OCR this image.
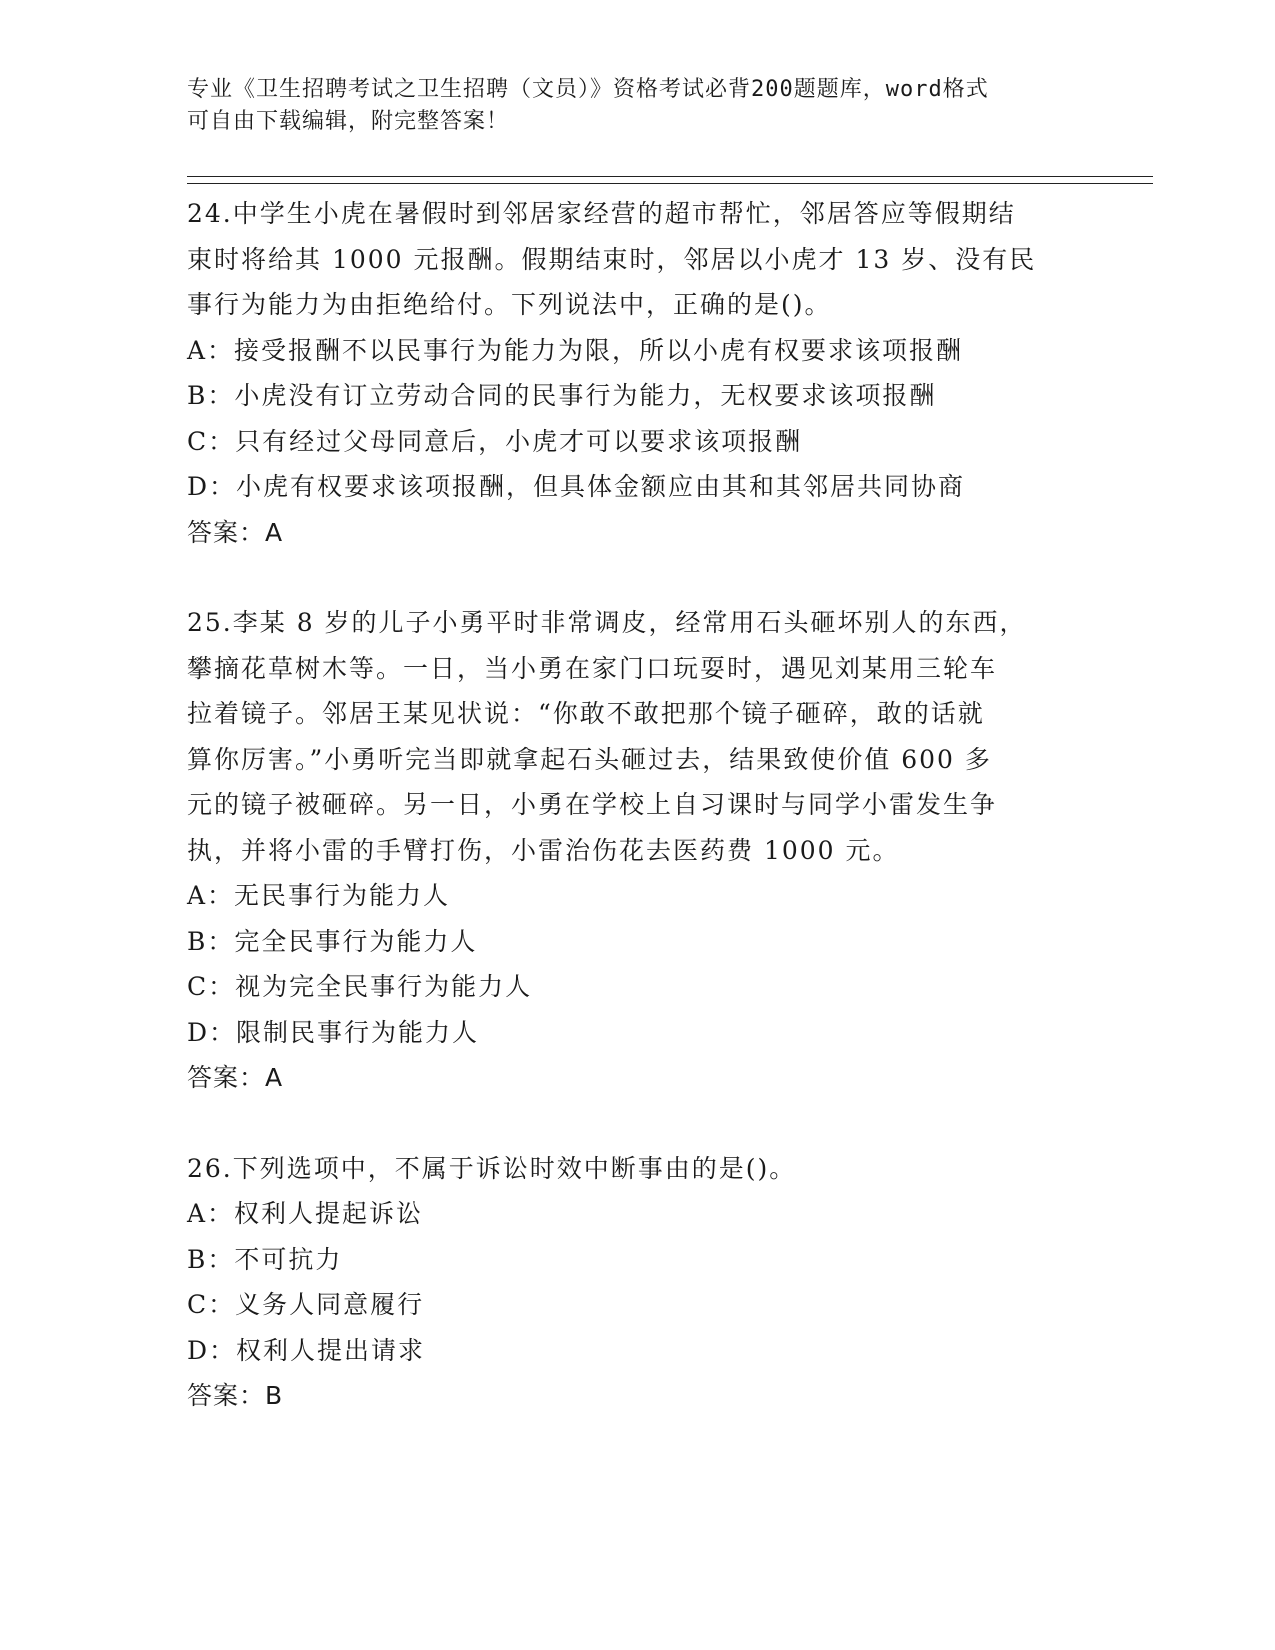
专业《卫生招聘考试之卫生招聘（文员）》资格考试必背200题题库，word格式
可自由下载编辑，附完整答案！
24.中学生小虎在暑假时到邻居家经营的超市帮忙，邻居答应等假期结
束时将给其 1000 元报酬。假期结束时，邻居以小虎才 13 岁、没有民
事行为能力为由拒绝给付。下列说法中，正确的是()。
A：接受报酬不以民事行为能力为限，所以小虎有权要求该项报酬
B：小虎没有订立劳动合同的民事行为能力，无权要求该项报酬
C：只有经过父母同意后，小虎才可以要求该项报酬
D：小虎有权要求该项报酬，但具体金额应由其和其邻居共同协商
答案：A
25.李某 8 岁的儿子小勇平时非常调皮，经常用石头砸坏别人的东西，
攀摘花草树木等。一日，当小勇在家门口玩耍时，遇见刘某用三轮车
拉着镜子。邻居王某见状说：“你敢不敢把那个镜子砸碎，敢的话就
算你厉害。”小勇听完当即就拿起石头砸过去，结果致使价值 600 多
元的镜子被砸碎。另一日，小勇在学校上自习课时与同学小雷发生争
执，并将小雷的手臂打伤，小雷治伤花去医药费 1000 元。
A：无民事行为能力人
B：完全民事行为能力人
C：视为完全民事行为能力人
D：限制民事行为能力人
答案：A
26.下列选项中，不属于诉讼时效中断事由的是()。
A：权利人提起诉讼
B：不可抗力
C：义务人同意履行
D：权利人提出请求
答案：B
